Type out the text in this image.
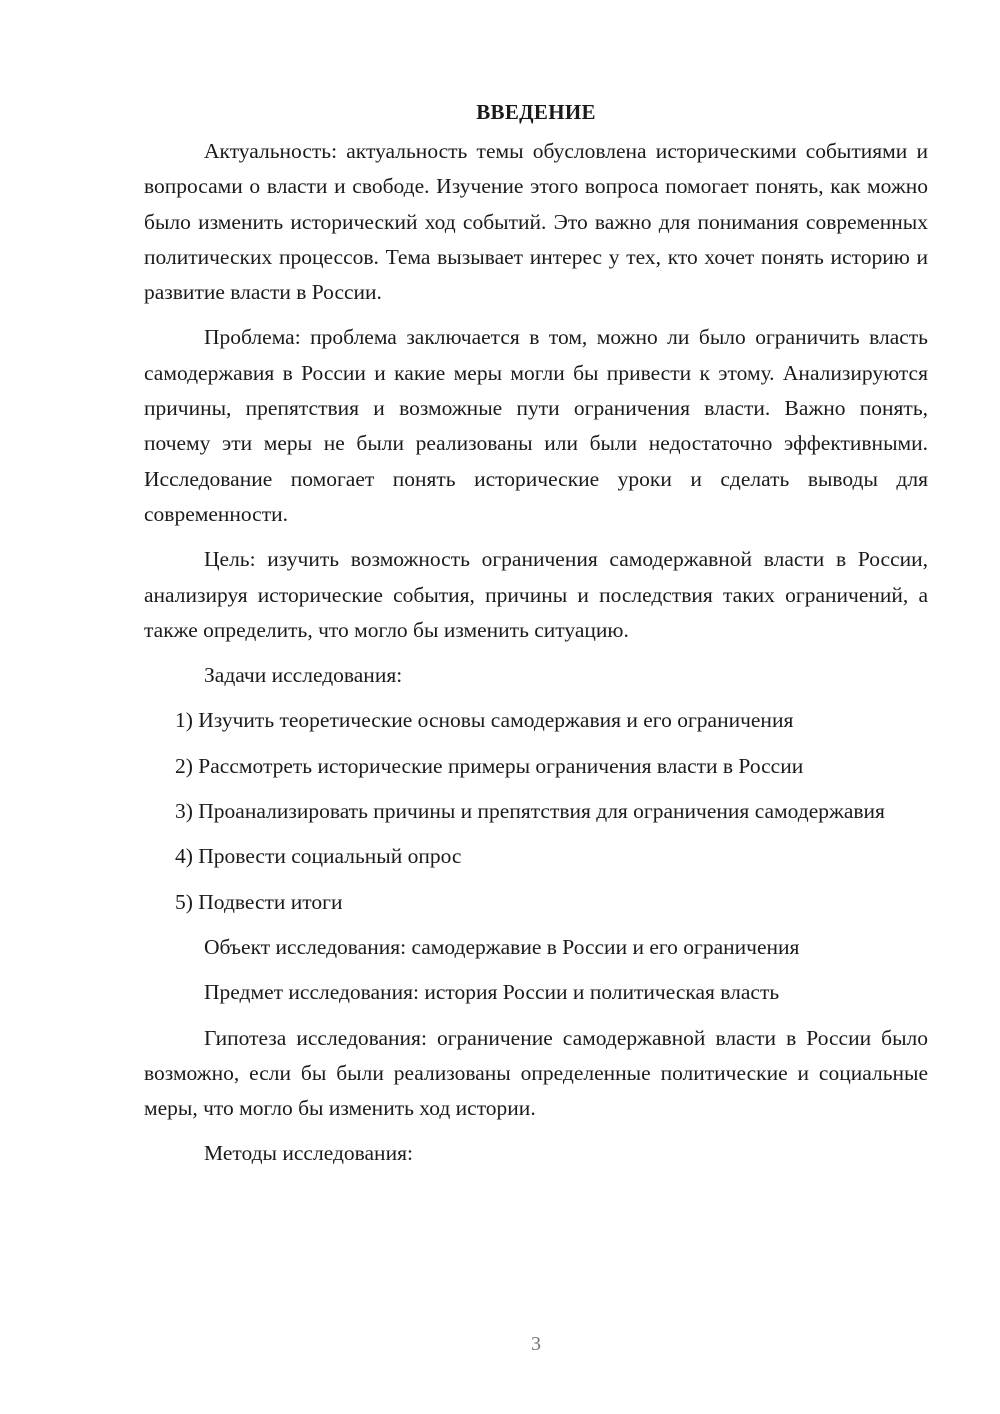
ВВЕДЕНИЕ

Актуальность: актуальность темы обусловлена историческими событиями и вопросами о власти и свободе. Изучение этого вопроса помогает понять, как можно было изменить исторический ход событий. Это важно для понимания современных политических процессов. Тема вызывает интерес у тех, кто хочет понять историю и развитие власти в России.

Проблема: проблема заключается в том, можно ли было ограничить власть самодержавия в России и какие меры могли бы привести к этому. Анализируются причины, препятствия и возможные пути ограничения власти. Важно понять, почему эти меры не были реализованы или были недостаточно эффективными. Исследование помогает понять исторические уроки и сделать выводы для современности.

Цель: изучить возможность ограничения самодержавной власти в России, анализируя исторические события, причины и последствия таких ограничений, а также определить, что могло бы изменить ситуацию.

Задачи исследования:

1) Изучить теоретические основы самодержавия и его ограничения
2) Рассмотреть исторические примеры ограничения власти в России
3) Проанализировать причины и препятствия для ограничения самодержавия
4) Провести социальный опрос
5) Подвести итоги

Объект исследования: самодержавие в России и его ограничения

Предмет исследования: история России и политическая власть

Гипотеза исследования: ограничение самодержавной власти в России было возможно, если бы были реализованы определенные политические и социальные меры, что могло бы изменить ход истории.

Методы исследования:

3
